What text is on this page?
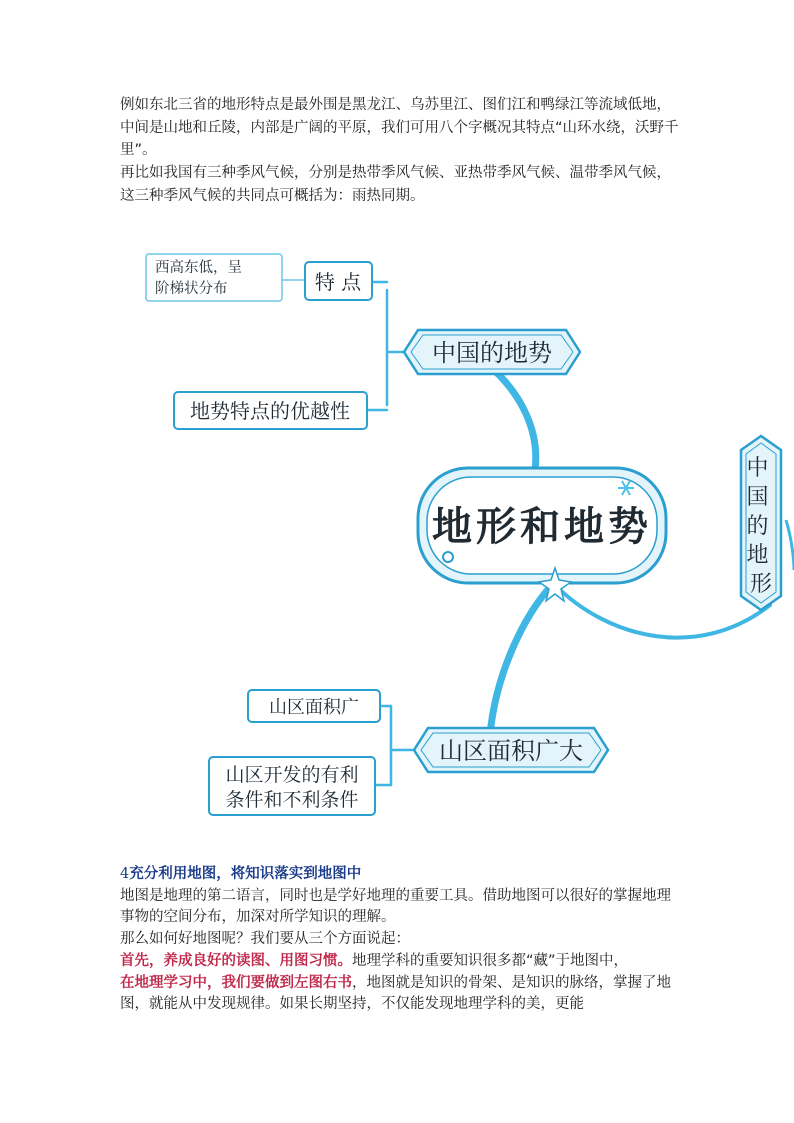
例如东北三省的地形特点是最外围是黑龙江、乌苏里江、图们江和鸭绿江等流域低地，中间是山地和丘陵，内部是广阔的平原，我们可用八个字概况其特点“山环水绕，沃野千里”。

再比如我国有三种季风气候，分别是热带季风气候、亚热带季风气候、温带季风气候，这三种季风气候的共同点可概括为：雨热同期。

中国的地势
特 点
西高东低，呈
阶梯状分布
地势特点的优越性
地形和地势
山区面积广大
山区面积广
山区开发的有利
条件和不利条件
中 国 的 地 形
4充分利用地图，将知识落实到地图中
地图是地理的第二语言，同时也是学好地理的重要工具。借助地图可以很好的掌握地理事物的空间分布，加深对所学知识的理解。
那么如何好地图呢？我们要从三个方面说起：
首先，养成良好的读图、用图习惯。地理学科的重要知识很多都“藏”于地图中，
在地理学习中，我们要做到左图右书，地图就是知识的骨架、是知识的脉络，掌握了地图，就能从中发现规律。如果长期坚持，不仅能发现地理学科的美，更能
